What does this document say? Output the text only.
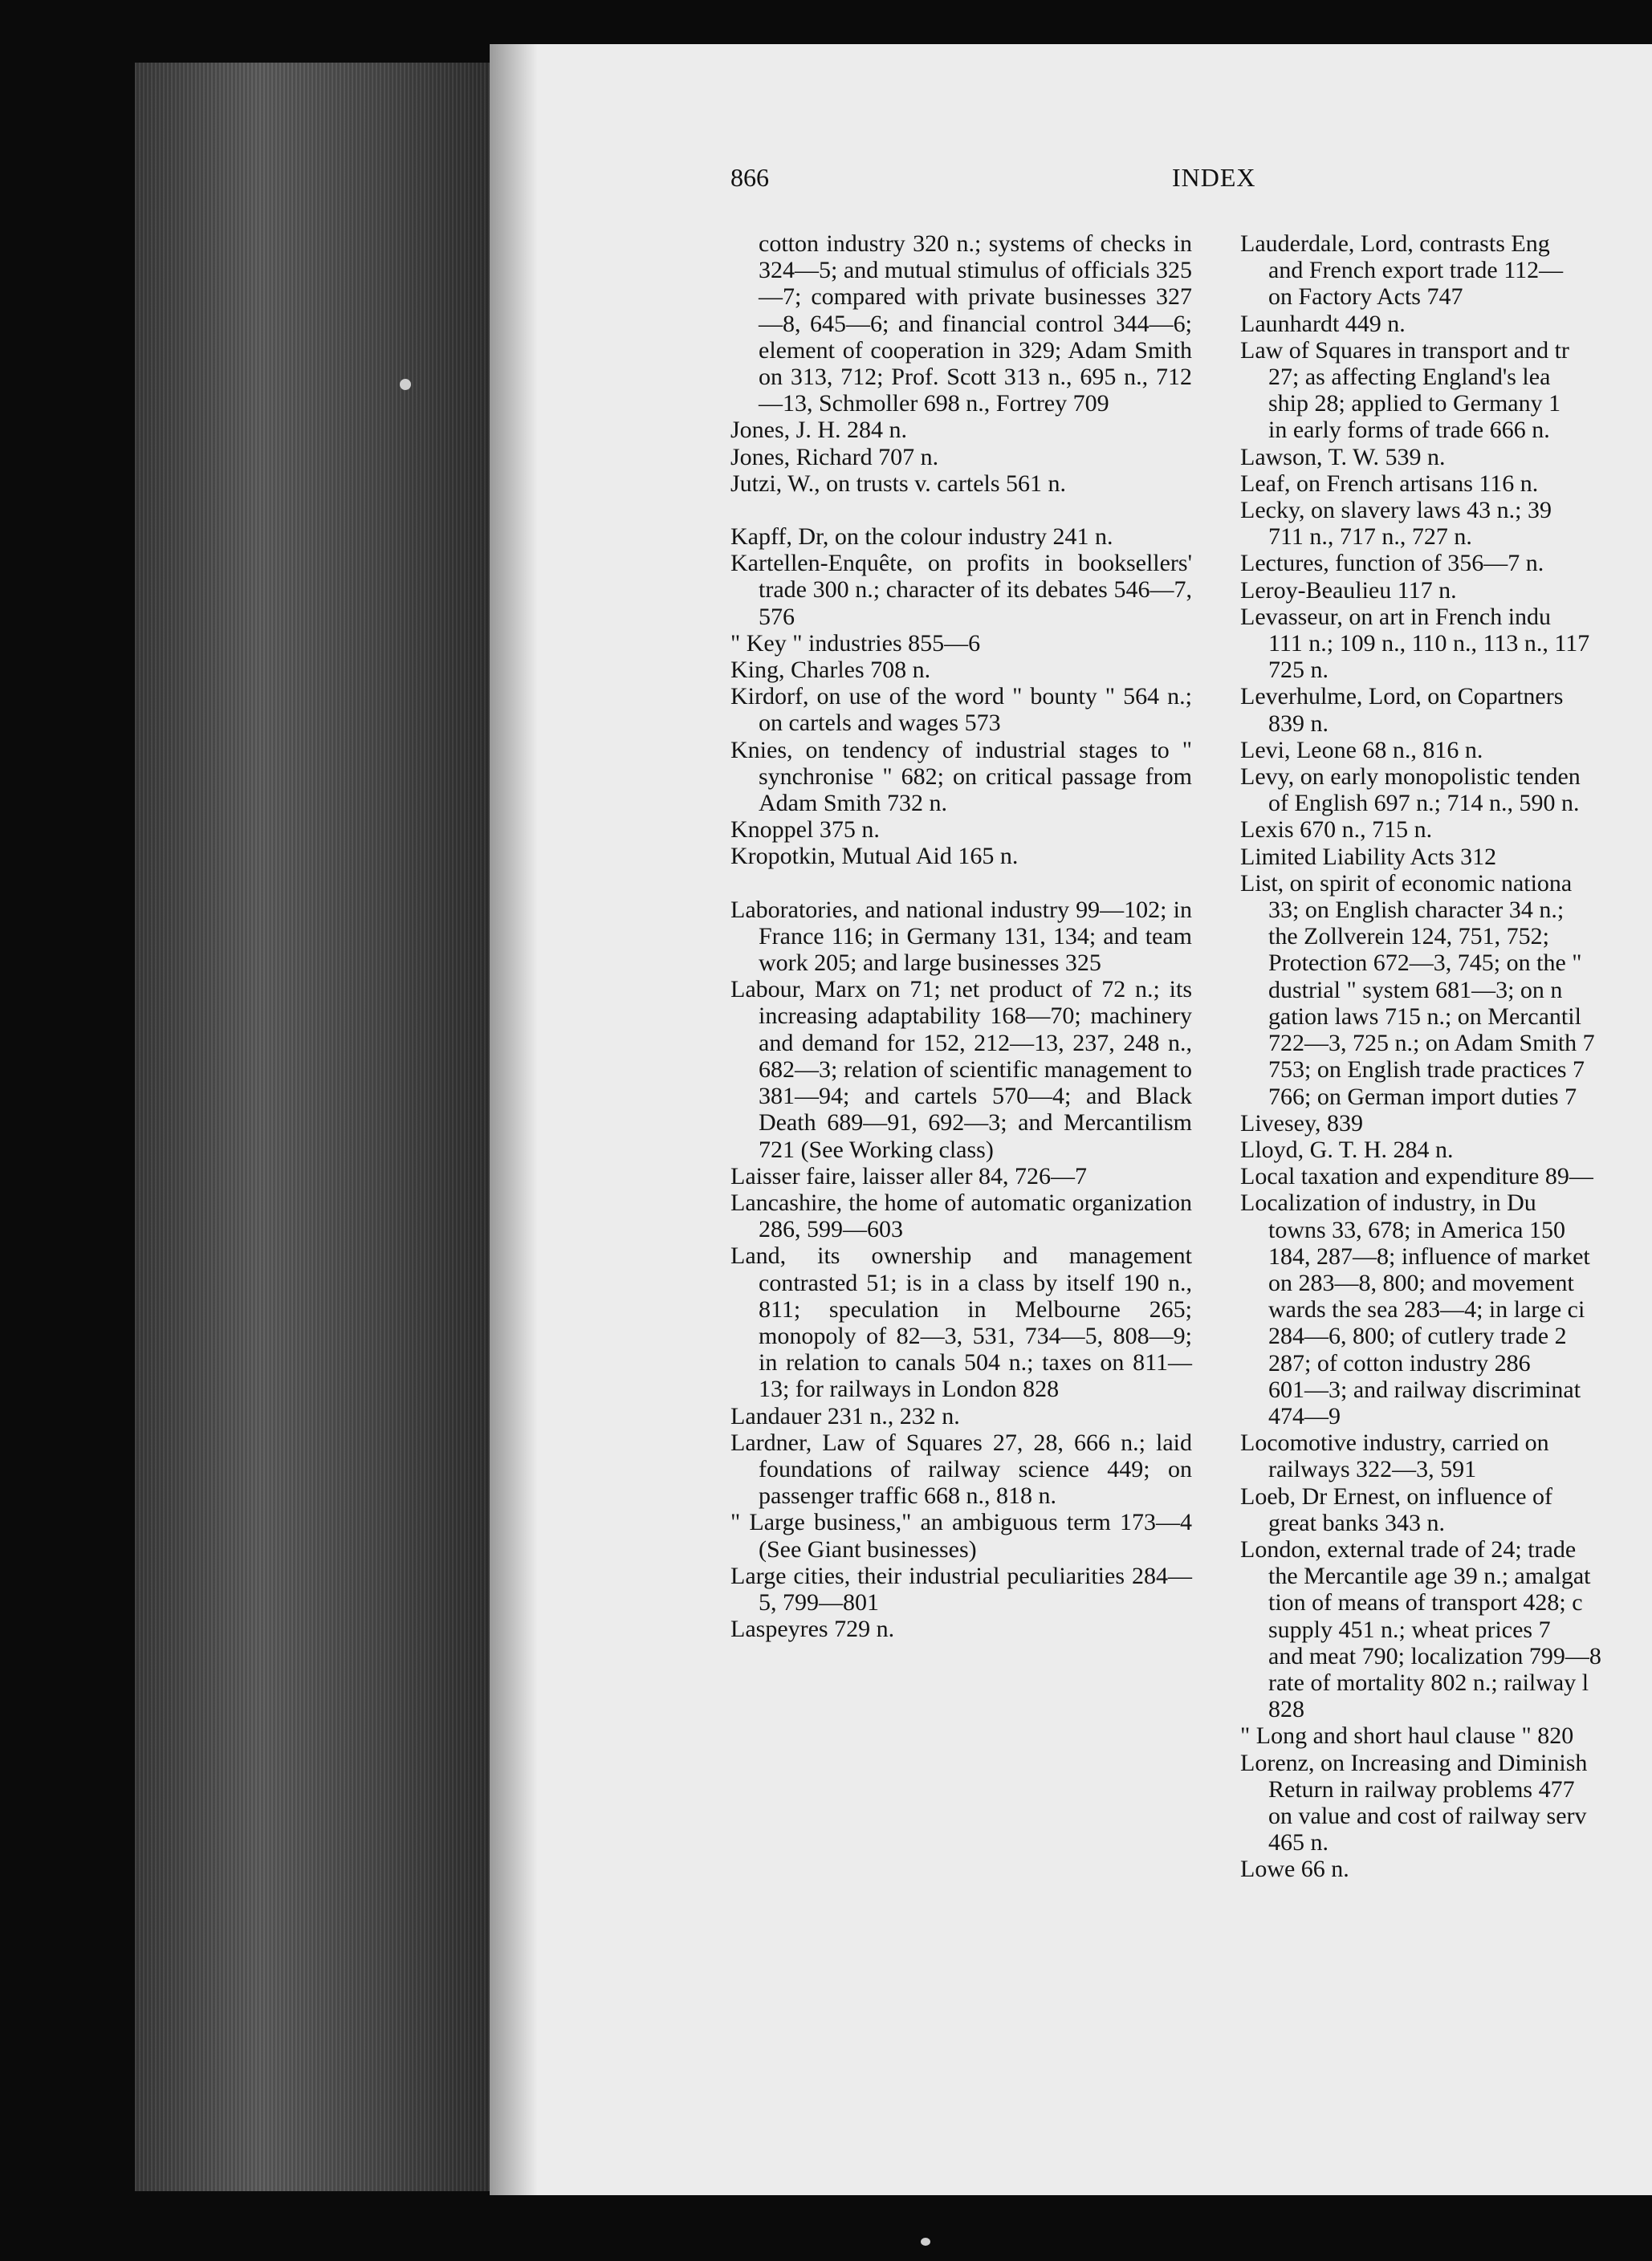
866	INDEX
cotton industry 320 n.; systems of checks in 324—5; and mutual stimulus of officials 325—7; compared with private businesses 327—8, 645—6; and financial control 344—6; element of cooperation in 329; Adam Smith on 313, 712; Prof. Scott 313 n., 695 n., 712—13, Schmoller 698 n., Fortrey 709
Jones, J. H. 284 n.
Jones, Richard 707 n.
Jutzi, W., on trusts v. cartels 561 n.
Kapff, Dr, on the colour industry 241 n.
Kartellen-Enquête, on profits in booksellers' trade 300 n.; character of its debates 546—7, 576
" Key " industries 855—6
King, Charles 708 n.
Kirdorf, on use of the word " bounty " 564 n.; on cartels and wages 573
Knies, on tendency of industrial stages to " synchronise " 682; on critical passage from Adam Smith 732 n.
Knoppel 375 n.
Kropotkin, Mutual Aid 165 n.
Laboratories, and national industry 99—102; in France 116; in Germany 131, 134; and team work 205; and large businesses 325
Labour, Marx on 71; net product of 72 n.; its increasing adaptability 168—70; machinery and demand for 152, 212—13, 237, 248 n., 682—3; relation of scientific management to 381—94; and cartels 570—4; and Black Death 689—91, 692—3; and Mercantilism 721 (See Working class)
Laisser faire, laisser aller 84, 726—7
Lancashire, the home of automatic organization 286, 599—603
Land, its ownership and management contrasted 51; is in a class by itself 190 n., 811; speculation in Melbourne 265; monopoly of 82—3, 531, 734—5, 808—9; in relation to canals 504 n.; taxes on 811—13; for railways in London 828
Landauer 231 n., 232 n.
Lardner, Law of Squares 27, 28, 666 n.; laid foundations of railway science 449; on passenger traffic 668 n., 818 n.
" Large business," an ambiguous term 173—4 (See Giant businesses)
Large cities, their industrial peculiarities 284—5, 799—801
Laspeyres 729 n.
Lauderdale, Lord, contrasts Eng
and French export trade 112—
on Factory Acts 747
Launhardt 449 n.
Law of Squares in transport and tr
27; as affecting England's lea
ship 28; applied to Germany 1
in early forms of trade 666 n.
Lawson, T. W. 539 n.
Leaf, on French artisans 116 n.
Lecky, on slavery laws 43 n.; 39
711 n., 717 n., 727 n.
Lectures, function of 356—7 n.
Leroy-Beaulieu 117 n.
Levasseur, on art in French indu
111 n.; 109 n., 110 n., 113 n., 117
725 n.
Leverhulme, Lord, on Copartners
839 n.
Levi, Leone 68 n., 816 n.
Levy, on early monopolistic tenden
of English 697 n.; 714 n., 590 n.
Lexis 670 n., 715 n.
Limited Liability Acts 312
List, on spirit of economic nationa
33; on English character 34 n.;
the Zollverein 124, 751, 752;
Protection 672—3, 745; on the "
dustrial " system 681—3; on n
gation laws 715 n.; on Mercantil
722—3, 725 n.; on Adam Smith 7
753; on English trade practices 7
766; on German import duties 7
Livesey, 839
Lloyd, G. T. H. 284 n.
Local taxation and expenditure 89—
Localization of industry, in Du
towns 33, 678; in America 150
184, 287—8; influence of market
on 283—8, 800; and movement
wards the sea 283—4; in large ci
284—6, 800; of cutlery trade 2
287; of cotton industry 286
601—3; and railway discriminat
474—9
Locomotive industry, carried on
railways 322—3, 591
Loeb, Dr Ernest, on influence of
great banks 343 n.
London, external trade of 24; trade
the Mercantile age 39 n.; amalgat
tion of means of transport 428; c
supply 451 n.; wheat prices 7
and meat 790; localization 799—8
rate of mortality 802 n.; railway l
828
" Long and short haul clause " 820
Lorenz, on Increasing and Diminish
Return in railway problems 477
on value and cost of railway serv
465 n.
Lowe 66 n.
